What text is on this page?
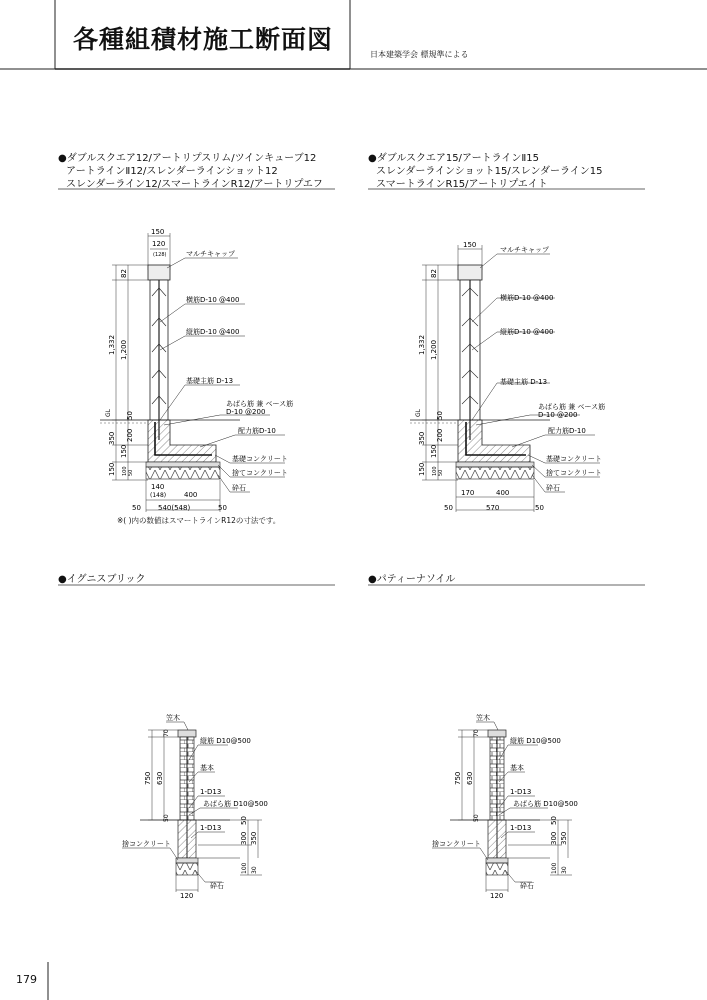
各種組積材施工断面図
日本建築学会 標規準による
●ダブルスクエア12/アートリプスリム/ツインキューブ12
アートラインⅡ12/スレンダーラインショット12
スレンダーライン12/スマートラインR12/アートリプエフ
●ダブルスクエア15/アートラインⅡ15
スレンダーラインショット15/スレンダーライン15
スマートラインR15/アートリプエイト
●イグニスブリック	●パティーナソイル
GL
150
120
(128)
82
1,332 1,200
50
350 200
150
150 100 50
140
(148)	400
50 540(548)	50
マルチキャップ
横筋D-10 @400
縦筋D-10 @400
基礎主筋 D-13
あばら筋 兼 ベース筋
D-10 @200
配力筋D-10
基礎コンクリート
捨てコンクリート
砕石
※( )内の数値はスマートラインR12の寸法です。
GL
150
82
1,332 1,200
50
350 200
150
150 100 50
170	400
50	570	50
マルチキャップ
横筋D-10 @400
縦筋D-10 @400
基礎主筋 D-13
あばら筋 兼 ベース筋
D-10 @200
配力筋D-10
基礎コンクリート
捨てコンクリート
砕石
750 630
70
50
300
50
350
100 30
120
笠木
縦筋 D10@500
基本
1-D13
あばら筋 D10@500
1-D13
捨コンクリート
砕石
750 630
70
50
300
50
350
100 30
120
笠木
縦筋 D10@500
基本
1-D13
あばら筋 D10@500
1-D13
捨コンクリート
砕石
179
